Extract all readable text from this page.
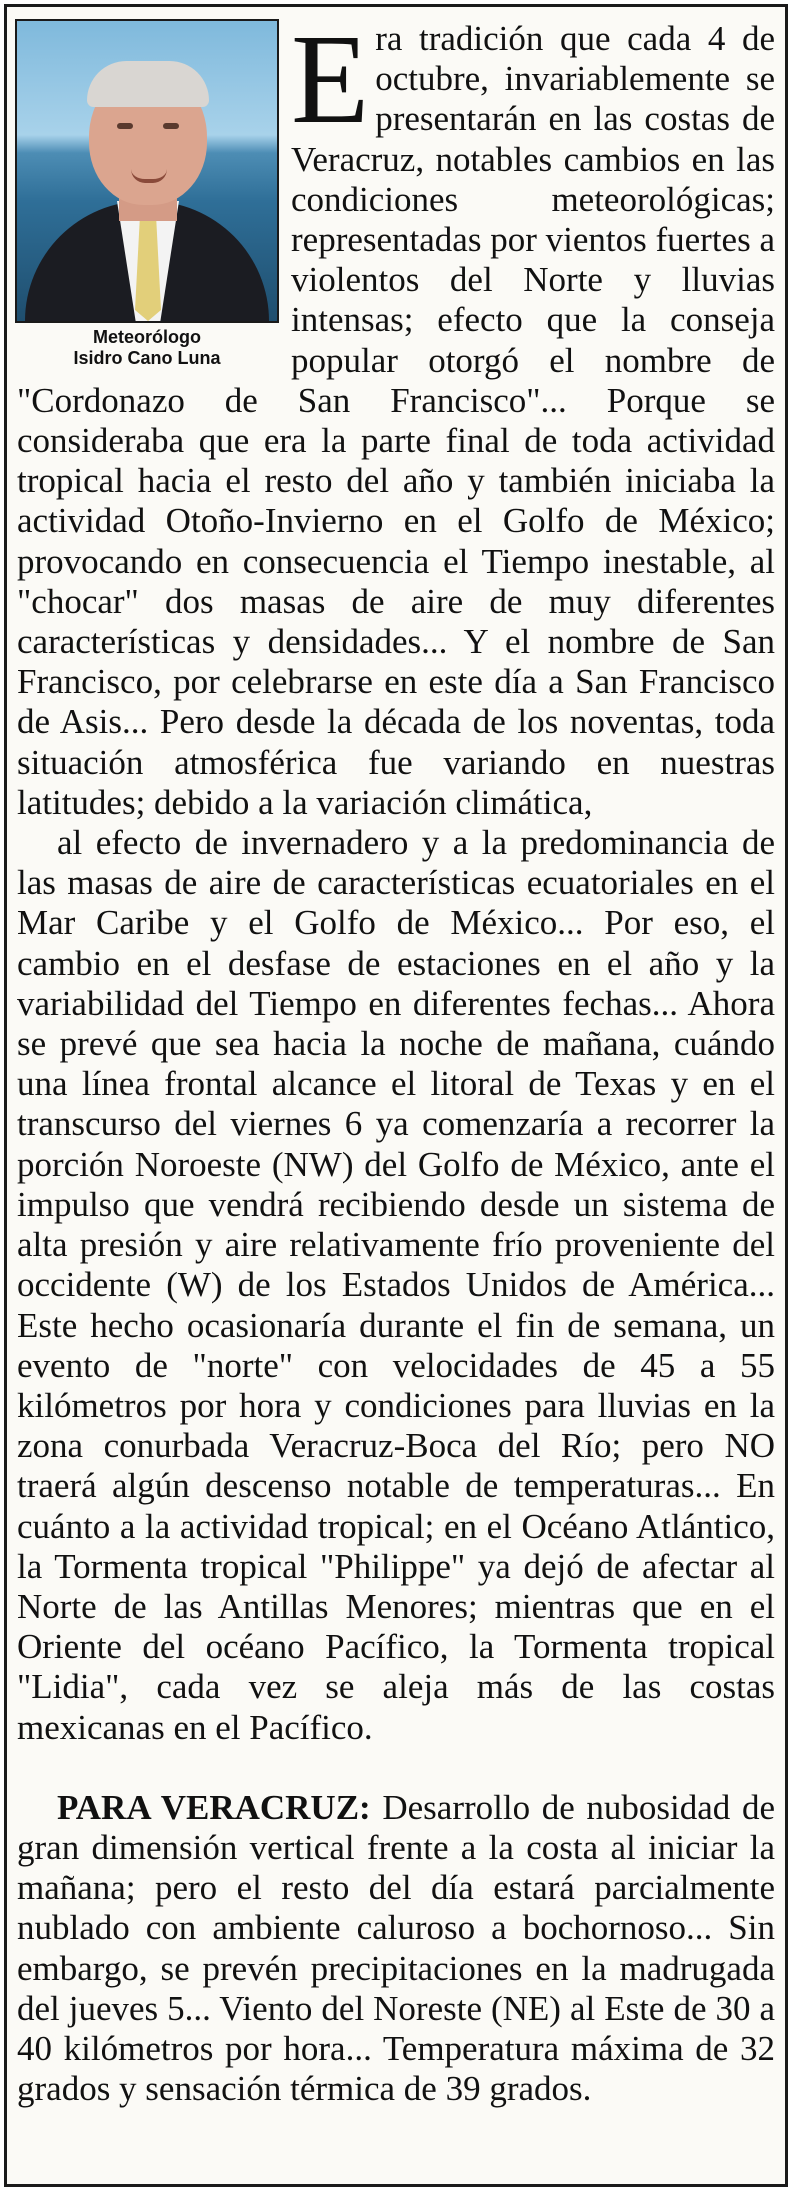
Meteorólogo
Isidro Cano Luna

E ra tradición que cada 4 de octubre, invariablemente se presentarán en las costas de Veracruz, notables cambios en las condiciones meteorológicas; representadas por vientos fuertes a violentos del Norte y lluvias intensas; efecto que la conseja popular otorgó el nombre de "Cordonazo de San Francisco"... Porque se consideraba que era la parte final de toda actividad tropical hacia el resto del año y también iniciaba la actividad Otoño-Invierno en el Golfo de México; provocando en consecuencia el Tiempo inestable, al "chocar" dos masas de aire de muy diferentes características y densidades... Y el nombre de San Francisco, por celebrarse en este día a San Francisco de Asis... Pero desde la década de los noventas, toda situación atmosférica fue variando en nuestras latitudes; debido a la variación climática,

al efecto de invernadero y a la predominancia de las masas de aire de características ecuatoriales en el Mar Caribe y el Golfo de México... Por eso, el cambio en el desfase de estaciones en el año y la variabilidad del Tiempo en diferentes fechas... Ahora se prevé que sea hacia la noche de mañana, cuándo una línea frontal alcance el litoral de Texas y en el transcurso del viernes 6 ya comenzaría a recorrer la porción Noroeste (NW) del Golfo de México, ante el impulso que vendrá recibiendo desde un sistema de alta presión y aire relativamente frío proveniente del occidente (W) de los Estados Unidos de América... Este hecho ocasionaría durante el fin de semana, un evento de "norte" con velocidades de 45 a 55 kilómetros por hora y condiciones para lluvias en la zona conurbada Veracruz-Boca del Río; pero NO traerá algún descenso notable de temperaturas... En cuánto a la actividad tropical; en el Océano Atlántico, la Tormenta tropical "Philippe" ya dejó de afectar al Norte de las Antillas Menores; mientras que en el Oriente del océano Pacífico, la Tormenta tropical "Lidia", cada vez se aleja más de las costas mexicanas en el Pacífico.

PARA VERACRUZ: Desarrollo de nubosidad de gran dimensión vertical frente a la costa al iniciar la mañana; pero el resto del día estará parcialmente nublado con ambiente caluroso a bochornoso... Sin embargo, se prevén precipitaciones en la madrugada del jueves 5... Viento del Noreste (NE) al Este de 30 a 40 kilómetros por hora... Temperatura máxima de 32 grados y sensación térmica de 39 grados.
